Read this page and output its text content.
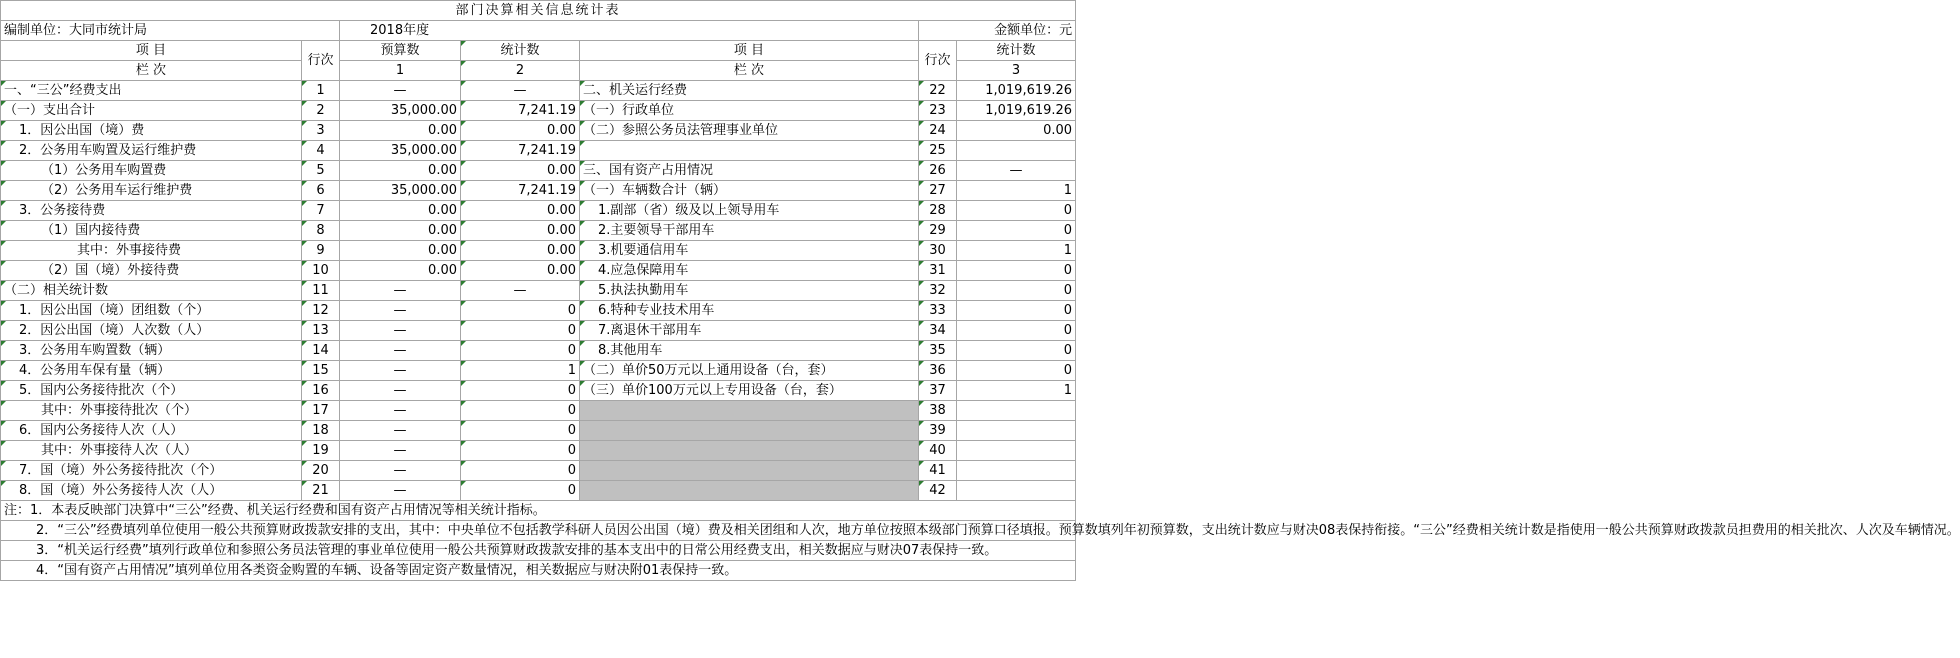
部门决算相关信息统计表						
编制单位：大同市统计局		2018年度			金额单位：元	
项 目	行次	预算数	统计数	项 目	行次	统计数
栏 次		1	2	栏 次		3
一、“三公”经费支出	1	—	—	二、机关运行经费	22	1,019,619.26
（一）支出合计	2	35,000.00	7,241.19	（一）行政单位	23	1,019,619.26
1．因公出国（境）费	3	0.00	0.00	（二）参照公务员法管理事业单位	24	0.00
2．公务用车购置及运行维护费	4	35,000.00	7,241.19		25	
（1）公务用车购置费	5	0.00	0.00	三、国有资产占用情况	26	—
（2）公务用车运行维护费	6	35,000.00	7,241.19	（一）车辆数合计（辆）	27	1
3．公务接待费	7	0.00	0.00	1.副部（省）级及以上领导用车	28	0
（1）国内接待费	8	0.00	0.00	2.主要领导干部用车	29	0
其中：外事接待费	9	0.00	0.00	3.机要通信用车	30	1
（2）国（境）外接待费	10	0.00	0.00	4.应急保障用车	31	0
（二）相关统计数	11	—	—	5.执法执勤用车	32	0
1．因公出国（境）团组数（个）	12	—	0	6.特种专业技术用车	33	0
2．因公出国（境）人次数（人）	13	—	0	7.离退休干部用车	34	0
3．公务用车购置数（辆）	14	—	0	8.其他用车	35	0
4．公务用车保有量（辆）	15	—	1	（二）单价50万元以上通用设备（台，套）	36	0
5．国内公务接待批次（个）	16	—	0	（三）单价100万元以上专用设备（台，套）	37	1
其中：外事接待批次（个）	17	—	0		38	
6．国内公务接待人次（人）	18	—	0		39	
其中：外事接待人次（人）	19	—	0		40	
7．国（境）外公务接待批次（个）	20	—	0		41	
8．国（境）外公务接待人次（人）	21	—	0		42	
注：1．本表反映部门决算中“三公”经费、机关运行经费和国有资产占用情况等相关统计指标。						
2．“三公”经费填列单位使用一般公共预算财政拨款安排的支出，其中：中央单位不包括教学科研人员因公出国（境）费及相关团组和人次，地方单位按照本级部门预算口径填报。预算数填列年初预算数，支出统计数应与财决08表保持衔接。“三公”经费相关统计数是指使用一般公共预算财政拨款员担费用的相关批次、人次及车辆情况。						
3．“机关运行经费”填列行政单位和参照公务员法管理的事业单位使用一般公共预算财政拨款安排的基本支出中的日常公用经费支出，相关数据应与财决07表保持一致。						
4．“国有资产占用情况”填列单位用各类资金购置的车辆、设备等固定资产数量情况，相关数据应与财决附01表保持一致。						
